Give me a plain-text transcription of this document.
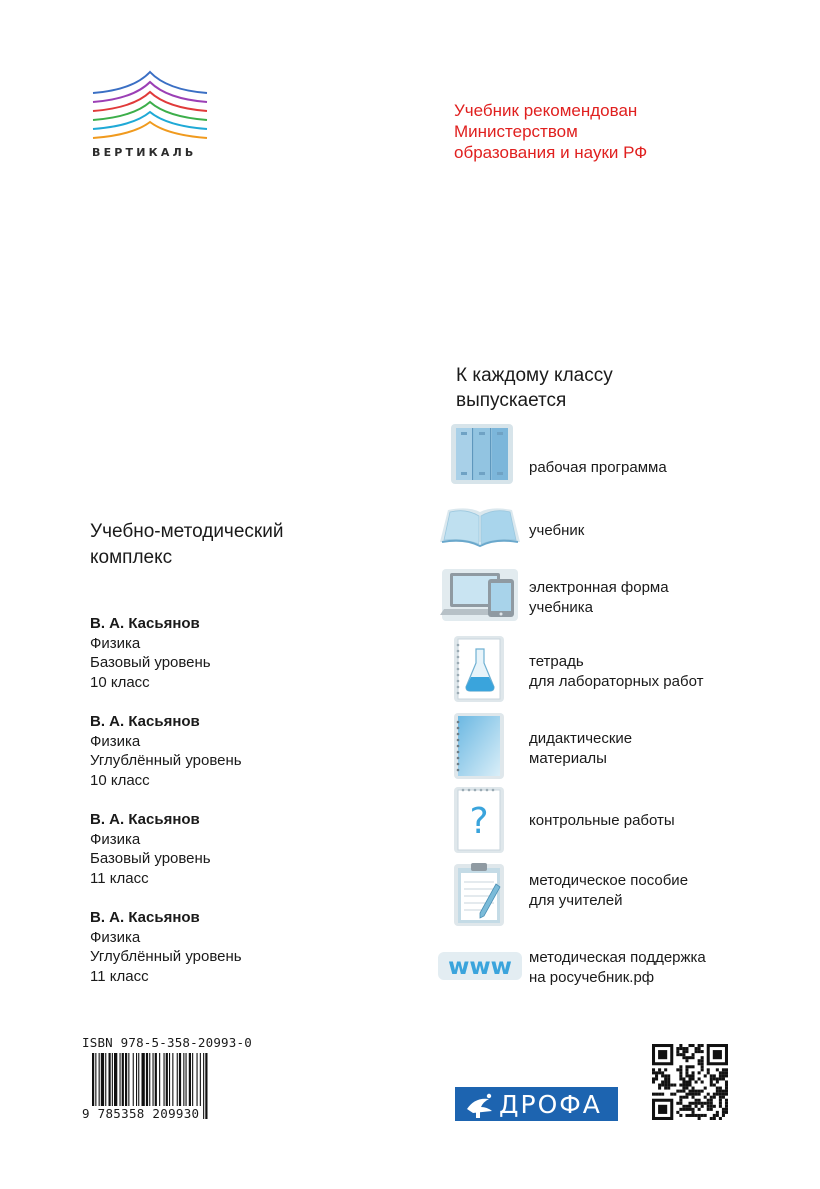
ВЕРТИКАЛЬ
Учебник рекомендован
Министерством
образования и науки РФ
К каждому классу
выпускается
рабочая программа
учебник
электронная форма
учебника
тетрадь
для лабораторных работ
дидактические
материалы
?	контрольные работы
методическое пособие
для учителей
www методическая поддержка
на росучебник.рф
Учебно-методический
комплекс
В. А. Касьянов
Физика
Базовый уровень
10 класс
В. А. Касьянов
Физика
Углублённый уровень
10 класс
В. А. Касьянов
Физика
Базовый уровень
11 класс
В. А. Касьянов
Физика
Углублённый уровень
11 класс
ISBN 978-5-358-20993-0
9 785358 209930	ДРОФА
